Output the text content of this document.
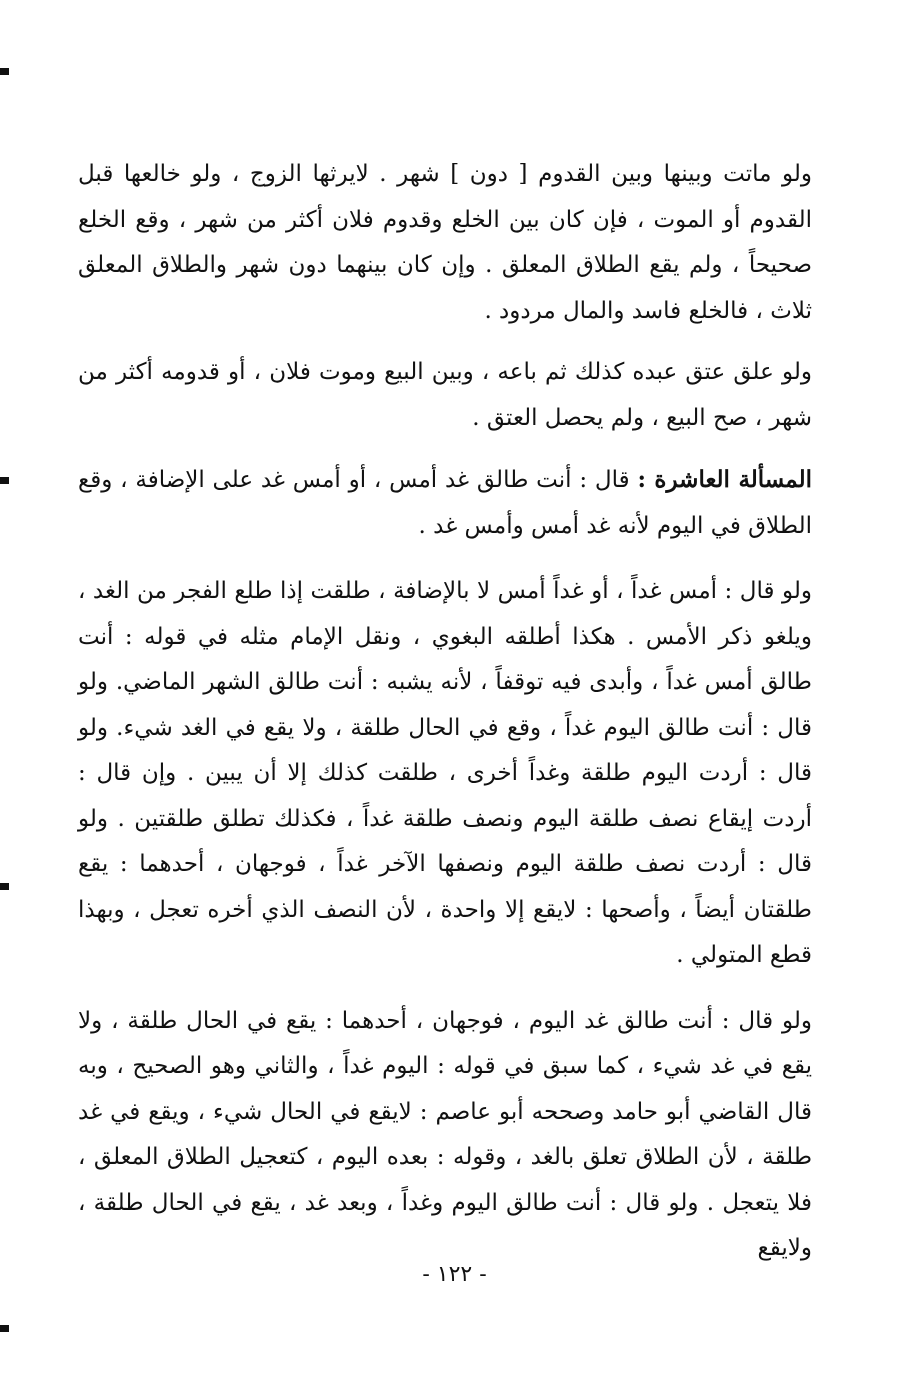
ولو ماتت وبينها وبين القدوم [ دون ] شهر . لايرثها الزوج ، ولو خالعها قبل القدوم أو الموت ، فإن كان بين الخلع وقدوم فلان أكثر من شهر ، وقع الخلع صحيحاً ، ولم يقع الطلاق المعلق . وإن كان بينهما دون شهر والطلاق المعلق ثلاث ، فالخلع فاسد والمال مردود .

ولو علق عتق عبده كذلك ثم باعه ، وبين البيع وموت فلان ، أو قدومه أكثر من شهر ، صح البيع ، ولم يحصل العتق .

المسألة العاشرة : قال : أنت طالق غد أمس ، أو أمس غد على الإضافة ، وقع الطلاق في اليوم لأنه غد أمس وأمس غد .

ولو قال : أمس غداً ، أو غداً أمس لا بالإضافة ، طلقت إذا طلع الفجر من الغد ، ويلغو ذكر الأمس . هكذا أطلقه البغوي ، ونقل الإمام مثله في قوله : أنت طالق أمس غداً ، وأبدى فيه توقفاً ، لأنه يشبه : أنت طالق الشهر الماضي. ولو قال : أنت طالق اليوم غداً ، وقع في الحال طلقة ، ولا يقع في الغد شيء. ولو قال : أردت اليوم طلقة وغداً أخرى ، طلقت كذلك إلا أن يبين . وإن قال : أردت إيقاع نصف طلقة اليوم ونصف طلقة غداً ، فكذلك تطلق طلقتين . ولو قال : أردت نصف طلقة اليوم ونصفها الآخر غداً ، فوجهان ، أحدهما : يقع طلقتان أيضاً ، وأصحها : لايقع إلا واحدة ، لأن النصف الذي أخره تعجل ، وبهذا قطع المتولي .

ولو قال : أنت طالق غد اليوم ، فوجهان ، أحدهما : يقع في الحال طلقة ، ولا يقع في غد شيء ، كما سبق في قوله : اليوم غداً ، والثاني وهو الصحيح ، وبه قال القاضي أبو حامد وصححه أبو عاصم : لايقع في الحال شيء ، ويقع في غد طلقة ، لأن الطلاق تعلق بالغد ، وقوله : بعده اليوم ، كتعجيل الطلاق المعلق ، فلا يتعجل . ولو قال : أنت طالق اليوم وغداً ، وبعد غد ، يقع في الحال طلقة ، ولايقع

- ١٢٢ -
